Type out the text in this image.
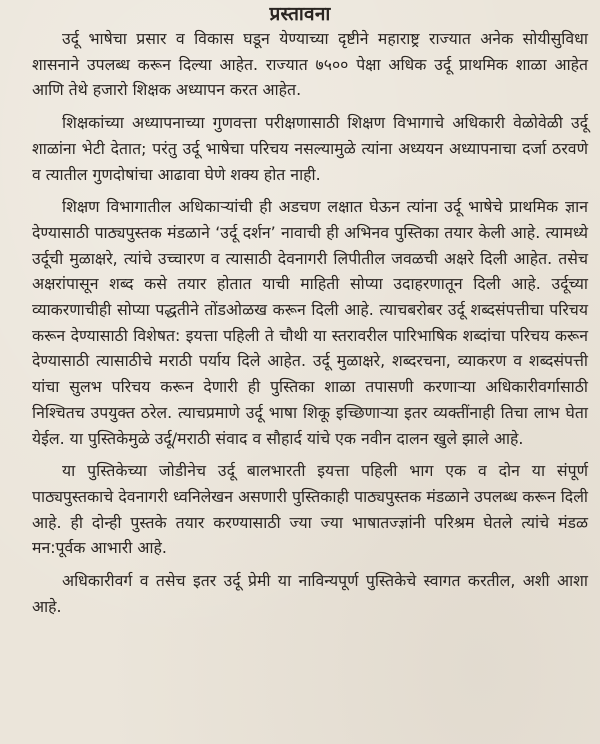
प्रस्तावना

उर्दू भाषेचा प्रसार व विकास घडून येण्याच्या दृष्टीने महाराष्ट्र राज्यात अनेक सोयीसुविधा शासनाने उपलब्ध करून दिल्या आहेत. राज्यात ७५०० पेक्षा अधिक उर्दू प्राथमिक शाळा आहेत आणि तेथे हजारो शिक्षक अध्यापन करत आहेत.

शिक्षकांच्या अध्यापनाच्या गुणवत्ता परीक्षणासाठी शिक्षण विभागाचे अधिकारी वेळोवेळी उर्दू शाळांना भेटी देतात; परंतु उर्दू भाषेचा परिचय नसल्यामुळे त्यांना अध्ययन अध्यापनाचा दर्जा ठरवणे व त्यातील गुणदोषांचा आढावा घेणे शक्य होत नाही.

शिक्षण विभागातील अधिकाऱ्यांची ही अडचण लक्षात घेऊन त्यांना उर्दू भाषेचे प्राथमिक ज्ञान देण्यासाठी पाठ्यपुस्तक मंडळाने ‘उर्दू दर्शन’ नावाची ही अभिनव पुस्तिका तयार केली आहे. त्यामध्ये उर्दूची मुळाक्षरे, त्यांचे उच्चारण व त्यासाठी देवनागरी लिपीतील जवळची अक्षरे दिली आहेत. तसेच अक्षरांपासून शब्द कसे तयार होतात याची माहिती सोप्या उदाहरणातून दिली आहे. उर्दूच्या व्याकरणाचीही सोप्या पद्धतीने तोंडओळख करून दिली आहे. त्याचबरोबर उर्दू शब्दसंपत्तीचा परिचय करून देण्यासाठी विशेषत: इयत्ता पहिली ते चौथी या स्तरावरील पारिभाषिक शब्दांचा परिचय करून देण्यासाठी त्यासाठीचे मराठी पर्याय दिले आहेत. उर्दू मुळाक्षरे, शब्दरचना, व्याकरण व शब्दसंपत्ती यांचा सुलभ परिचय करून देणारी ही पुस्तिका शाळा तपासणी करणाऱ्या अधिकारीवर्गासाठी निश्चितच उपयुक्त ठरेल. त्याचप्रमाणे उर्दू भाषा शिकू इच्छिणाऱ्या इतर व्यक्तींनाही तिचा लाभ घेता येईल. या पुस्तिकेमुळे उर्दू/मराठी संवाद व सौहार्द यांचे एक नवीन दालन खुले झाले आहे.

या पुस्तिकेच्या जोडीनेच उर्दू बालभारती इयत्ता पहिली भाग एक व दोन या संपूर्ण पाठ्यपुस्तकाचे देवनागरी ध्वनिलेखन असणारी पुस्तिकाही पाठ्यपुस्तक मंडळाने उपलब्ध करून दिली आहे. ही दोन्ही पुस्तके तयार करण्यासाठी ज्या ज्या भाषातज्ज्ञांनी परिश्रम घेतले त्यांचे मंडळ मन:पूर्वक आभारी आहे.

अधिकारीवर्ग व तसेच इतर उर्दू प्रेमी या नाविन्यपूर्ण पुस्तिकेचे स्वागत करतील, अशी आशा आहे.
